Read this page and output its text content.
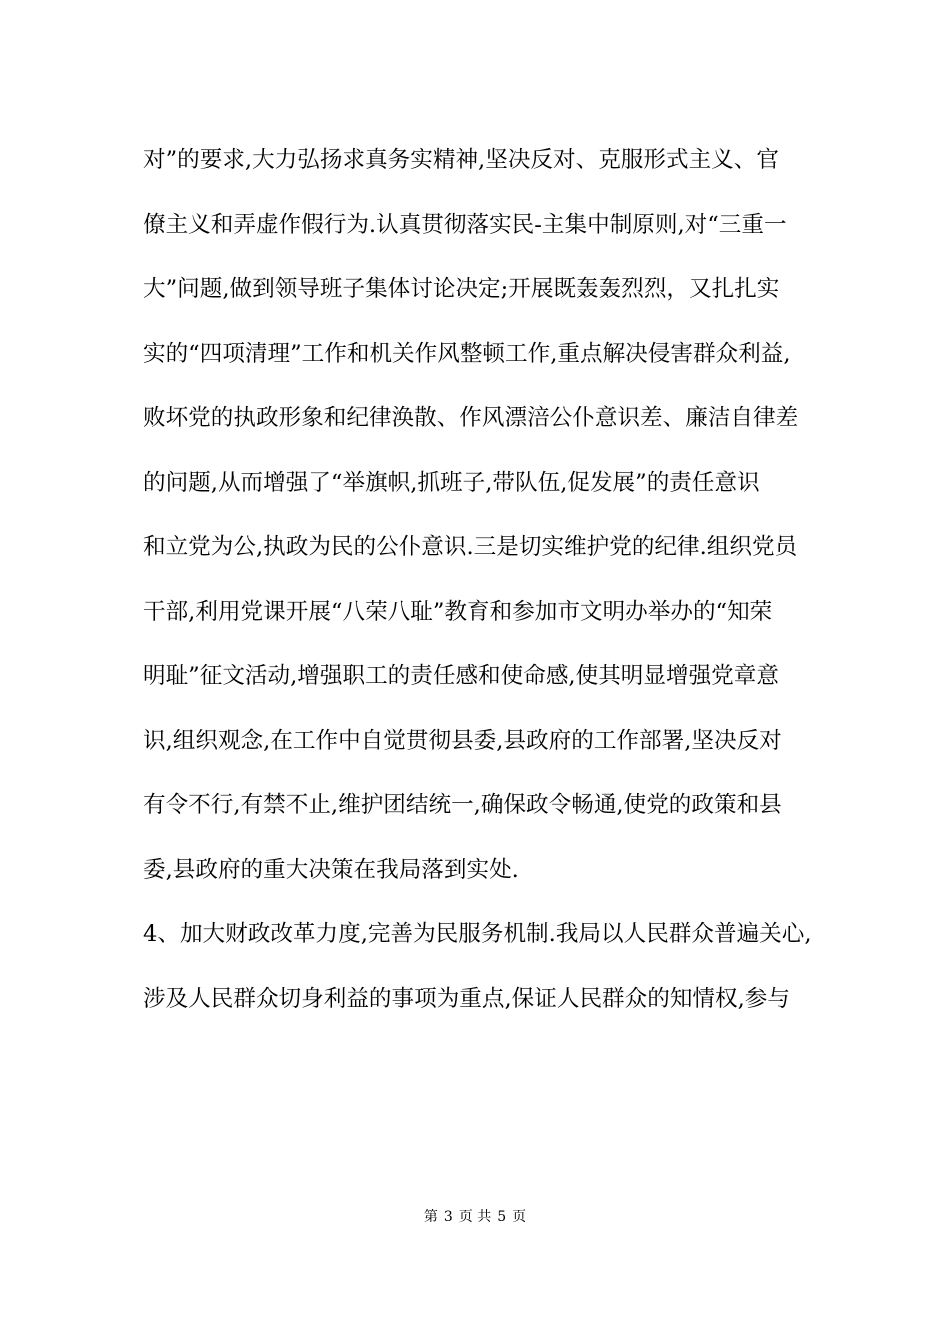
对”的要求,大力弘扬求真务实精神,坚决反对、克服形式主义、官
僚主义和弄虚作假行为.认真贯彻落实民-主集中制原则,对“三重一
大”问题,做到领导班子集体讨论决定;开展既轰轰烈烈，又扎扎实
实的“四项清理”工作和机关作风整顿工作,重点解决侵害群众利益,
败坏党的执政形象和纪律涣散、作风漂涪公仆意识差、廉洁自律差
的问题,从而增强了“举旗帜,抓班子,带队伍,促发展”的责任意识
和立党为公,执政为民的公仆意识.三是切实维护党的纪律.组织党员
干部,利用党课开展“八荣八耻”教育和参加市文明办举办的“知荣
明耻”征文活动,增强职工的责任感和使命感,使其明显增强党章意
识,组织观念,在工作中自觉贯彻县委,县政府的工作部署,坚决反对
有令不行,有禁不止,维护团结统一,确保政令畅通,使党的政策和县
委,县政府的重大决策在我局落到实处.
4、加大财政改革力度,完善为民服务机制.我局以人民群众普遍关心,
涉及人民群众切身利益的事项为重点,保证人民群众的知情权,参与
第 3 页 共 5 页
